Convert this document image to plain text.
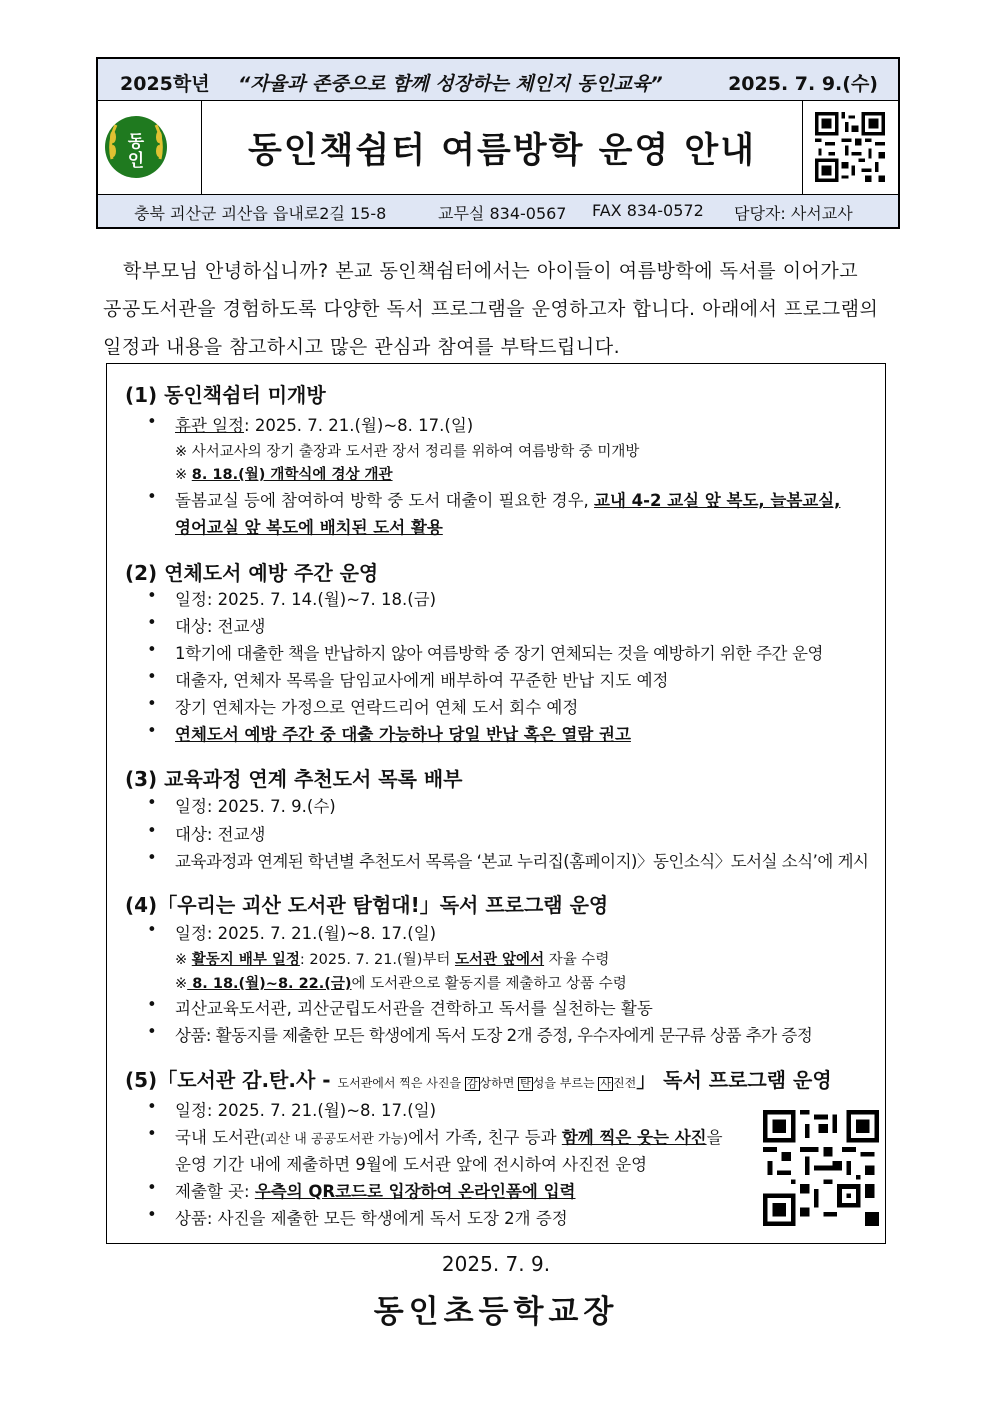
2025학년 “자율과 존중으로 함께 성장하는 체인지 동인교육”	2025. 7. 9.(수)
동
인	동인책쉼터 여름방학 운영 안내
충북 괴산군 괴산읍 읍내로2길 15-8	교무실 834-0567 FAX 834-0572 담당자: 사서교사

학부모님 안녕하십니까? 본교 동인책쉼터에서는 아이들이 여름방학에 독서를 이어가고

공공도서관을 경험하도록 다양한 독서 프로그램을 운영하고자 합니다. 아래에서 프로그램의

일정과 내용을 참고하시고 많은 관심과 참여를 부탁드립니다.

(1) 동인책쉼터 미개방
• 휴관 일정: 2025. 7. 21.(월)~8. 17.(일)
※ 사서교사의 장기 출장과 도서관 장서 정리를 위하여 여름방학 중 미개방
※ 8. 18.(월) 개학식에 경상 개관
• 돌봄교실 등에 참여하여 방학 중 도서 대출이 필요한 경우, 교내 4-2 교실 앞 복도, 늘봄교실,
영어교실 앞 복도에 배치된 도서 활용
(2) 연체도서 예방 주간 운영
• 일정: 2025. 7. 14.(월)~7. 18.(금)
• 대상: 전교생
• 1학기에 대출한 책을 반납하지 않아 여름방학 중 장기 연체되는 것을 예방하기 위한 주간 운영
• 대출자, 연체자 목록을 담임교사에게 배부하여 꾸준한 반납 지도 예정
• 장기 연체자는 가정으로 연락드리어 연체 도서 회수 예정
• 연체도서 예방 주간 중 대출 가능하나 당일 반납 혹은 열람 권고
(3) 교육과정 연계 추천도서 목록 배부
• 일정: 2025. 7. 9.(수)
• 대상: 전교생
• 교육과정과 연계된 학년별 추천도서 목록을 ‘본교 누리집(홈페이지)〉동인소식〉도서실 소식’에 게시
(4)「우리는 괴산 도서관 탐험대!」독서 프로그램 운영
• 일정: 2025. 7. 21.(월)~8. 17.(일)
※ 활동지 배부 일정: 2025. 7. 21.(월)부터 도서관 앞에서 자율 수령
※ 8. 18.(월)~8. 22.(금)에 도서관으로 활동지를 제출하고 상품 수령
• 괴산교육도서관, 괴산군립도서관을 견학하고 독서를 실천하는 활동
• 상품: 활동지를 제출한 모든 학생에게 독서 도장 2개 증정, 우수자에게 문구류 상품 추가 증정
(5)「도서관 감.탄.사 - 도서관에서 찍은 사진을 감 상하면 탄 성을 부르는 사 진전」 독서 프로그램 운영
• 일정: 2025. 7. 21.(월)~8. 17.(일)
• 국내 도서관(괴산 내 공공도서관 가능)에서 가족, 친구 등과 함께 찍은 웃는 사진을
운영 기간 내에 제출하면 9월에 도서관 앞에 전시하여 사진전 운영
• 제출할 곳: 우측의 QR코드로 입장하여 온라인폼에 입력
• 상품: 사진을 제출한 모든 학생에게 독서 도장 2개 증정
2025. 7. 9.
동인초등학교장
